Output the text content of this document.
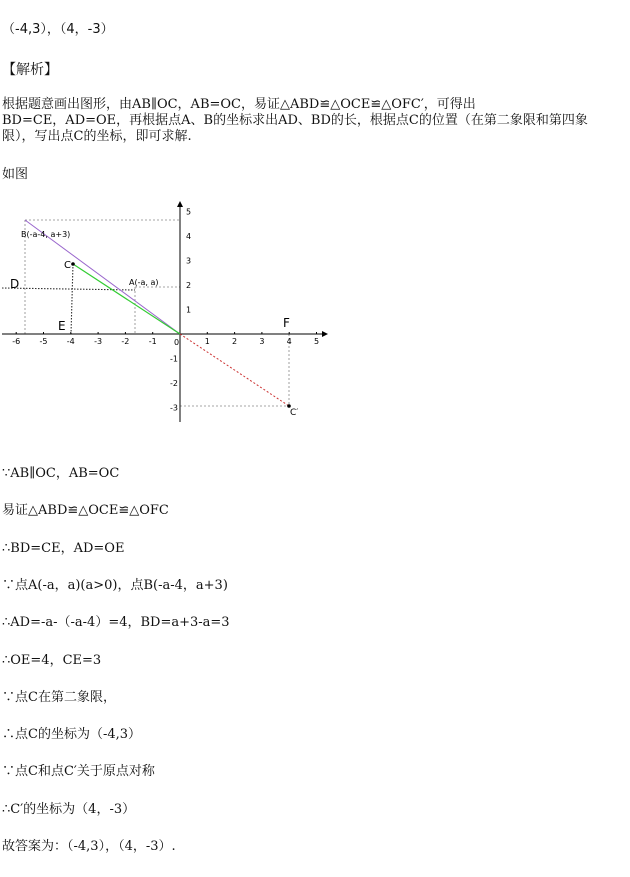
（-4,3），（4，-3）
【解析】
根据题意画出图形，由AB∥OC，AB=OC，易证△ABD≌△OCE≌△OFC′，可得出
BD=CE，AD=OE，再根据点A、B的坐标求出AD、BD的长，根据点C的位置（在第二象限和第四象
限），写出点C的坐标，即可求解.
如图
-6 -5 -4 -3 -2 -1	1	2	3	4	5
5
4
3
2
1
-1
-2
-3
B(-a-4, a+3)
C
A(-a, a)
D
E	F
0
C′
∵AB∥OC，AB=OC
易证△ABD≌△OCE≌△OFC
∴BD=CE，AD=OE
∵点A(-a，a)(a>0)，点B(-a-4，a+3)
∴AD=-a-（-a-4）=4，BD=a+3-a=3
∴OE=4，CE=3
∵点C在第二象限，
∴点C的坐标为（-4,3）
∵点C和点C′关于原点对称
∴C′的坐标为（4，-3）
故答案为：（-4,3），（4，-3）.
